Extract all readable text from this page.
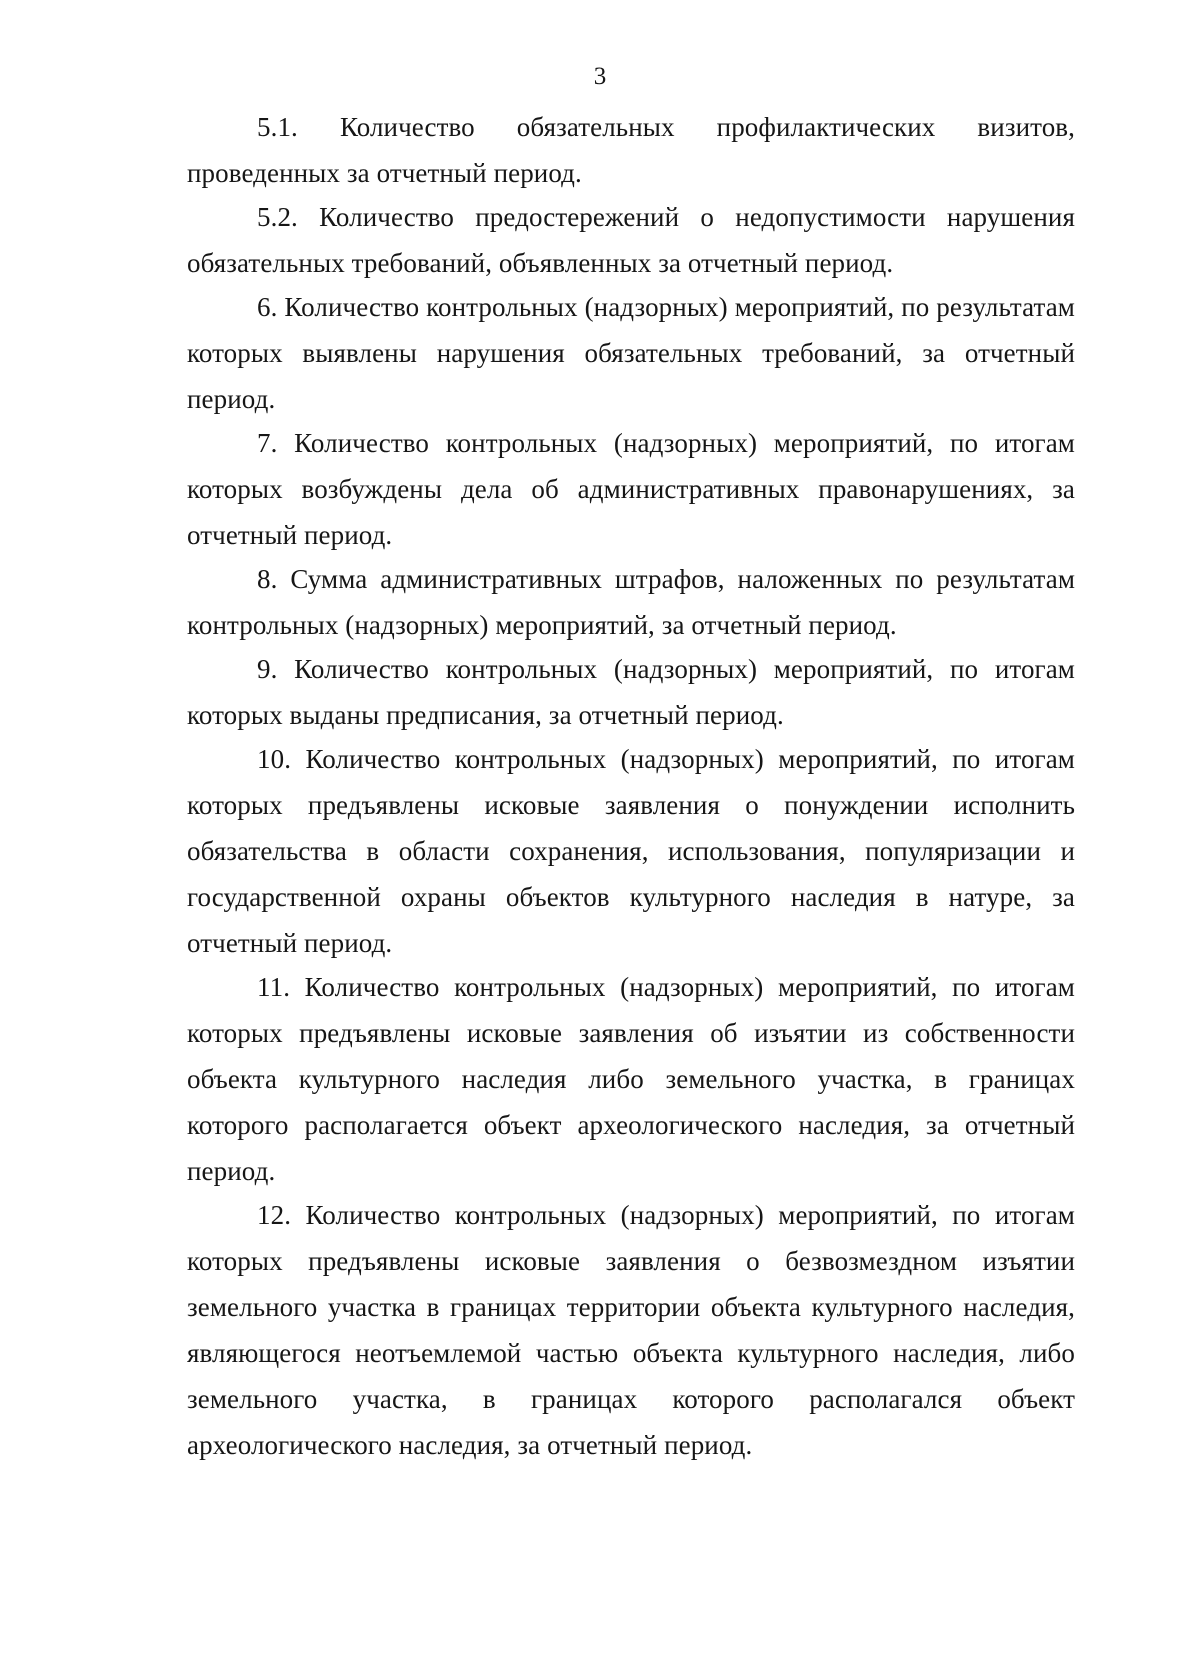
3

5.1. Количество обязательных профилактических визитов, проведенных за отчетный период.

5.2. Количество предостережений о недопустимости нарушения обязательных требований, объявленных за отчетный период.

6. Количество контрольных (надзорных) мероприятий, по результатам которых выявлены нарушения обязательных требований, за отчетный период.

7. Количество контрольных (надзорных) мероприятий, по итогам которых возбуждены дела об административных правонарушениях, за отчетный период.

8. Сумма административных штрафов, наложенных по результатам контрольных (надзорных) мероприятий, за отчетный период.

9. Количество контрольных (надзорных) мероприятий, по итогам которых выданы предписания, за отчетный период.

10. Количество контрольных (надзорных) мероприятий, по итогам которых предъявлены исковые заявления о понуждении исполнить обязательства в области сохранения, использования, популяризации и государственной охраны объектов культурного наследия в натуре, за отчетный период.

11. Количество контрольных (надзорных) мероприятий, по итогам которых предъявлены исковые заявления об изъятии из собственности объекта культурного наследия либо земельного участка, в границах которого располагается объект археологического наследия, за отчетный период.

12. Количество контрольных (надзорных) мероприятий, по итогам которых предъявлены исковые заявления о безвозмездном изъятии земельного участка в границах территории объекта культурного наследия, являющегося неотъемлемой частью объекта культурного наследия, либо земельного участка, в границах которого располагался объект археологического наследия, за отчетный период.
